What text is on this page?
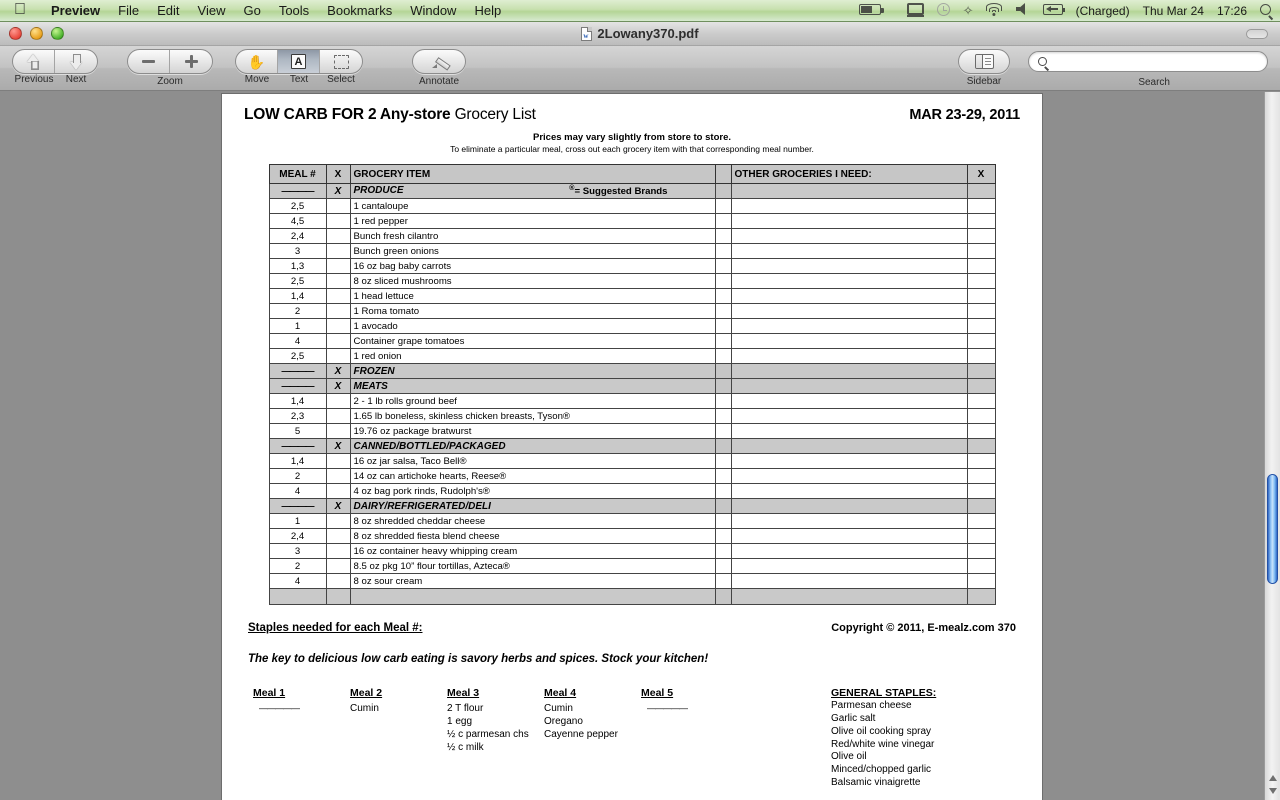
Preview	File	Edit	View	Go	Tools	Bookmarks	Window	Help	✧	(Charged) Thu Mar 24 17:26
w
2Lowany370.pdf
Previous	Next	Zoom
✋	A
Move	Text	Select	Annotate	Sidebar	Search
LOW CARB FOR 2 Any-store Grocery List	MAR 23-29, 2011
Prices may vary slightly from store to store.
To eliminate a particular meal, cross out each grocery item with that corresponding meal number.
MEAL #	X	GROCERY ITEM		OTHER GROCERIES I NEED:	X
————	X	PRODUCE ®= Suggested Brands			

2,5		1 cantaloupe			
4,5		1 red pepper			
2,4		Bunch fresh cilantro			
3		Bunch green onions			
1,3		16 oz bag baby carrots			
2,5		8 oz sliced mushrooms			
1,4		1 head lettuce			
2		1 Roma tomato			
1		1 avocado			
4		Container grape tomatoes			
2,5		1 red onion			
————	X	FROZEN			
————	X	MEATS			
1,4		2 - 1 lb rolls ground beef			
2,3		1.65 lb boneless, skinless chicken breasts, Tyson®			
5		19.76 oz package bratwurst			
————	X	CANNED/BOTTLED/PACKAGED			
1,4		16 oz jar salsa, Taco Bell®			
2		14 oz can artichoke hearts, Reese®			
4		4 oz bag pork rinds, Rudolph's®			
————	X	DAIRY/REFRIGERATED/DELI			
1		8 oz shredded cheddar cheese			
2,4		8 oz shredded fiesta blend cheese			
3		16 oz container heavy whipping cream			
2		8.5 oz pkg 10” flour tortillas, Azteca®			
4		8 oz sour cream			

Staples needed for each Meal #:	Copyright © 2011, E-mealz.com 370
The key to delicious low carb eating is savory herbs and spices. Stock your kitchen!
Meal 1
—————
Meal 2
Cumin
Meal 3
2 T flour
1 egg
½ c parmesan chs
½ c milk
Meal 4
Cumin
Oregano
Cayenne pepper
Meal 5
—————
GENERAL STAPLES:
Parmesan cheese
Garlic salt
Olive oil cooking spray
Red/white wine vinegar
Olive oil
Minced/chopped garlic
Balsamic vinaigrette
